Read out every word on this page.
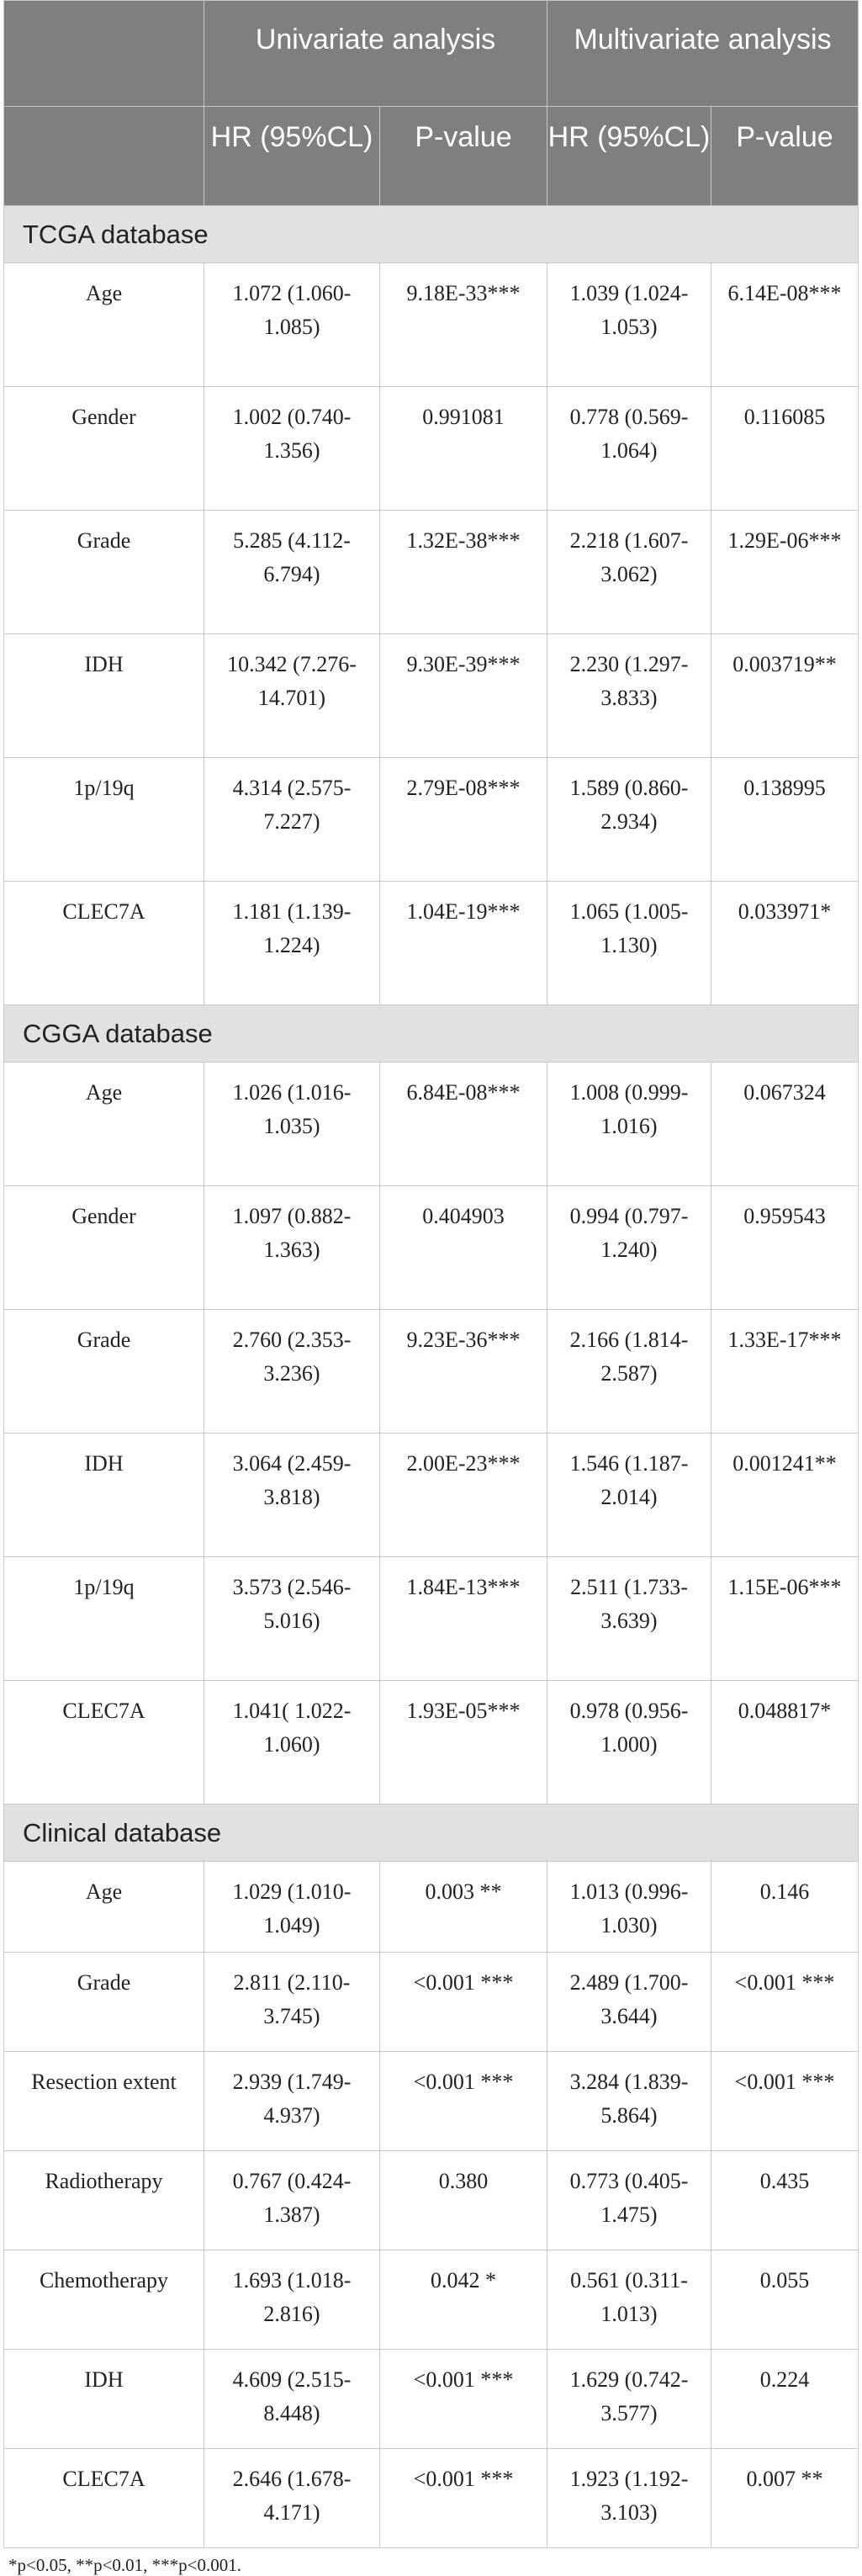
	Univariate analysis		Multivariate analysis	
	HR (95%CL)	P-value	HR (95%CL)	P-value
TCGA database				
Age	1.072 (1.060-1.085)	9.18E-33***	1.039 (1.024-1.053)	6.14E-08***
Gender	1.002 (0.740-1.356)	0.991081	0.778 (0.569-1.064)	0.116085
Grade	5.285 (4.112-6.794)	1.32E-38***	2.218 (1.607-3.062)	1.29E-06***
IDH	10.342 (7.276-14.701)	9.30E-39***	2.230 (1.297-3.833)	0.003719**
1p/19q	4.314 (2.575-7.227)	2.79E-08***	1.589 (0.860-2.934)	0.138995
CLEC7A	1.181 (1.139-1.224)	1.04E-19***	1.065 (1.005-1.130)	0.033971*
CGGA database				
Age	1.026 (1.016-1.035)	6.84E-08***	1.008 (0.999-1.016)	0.067324
Gender	1.097 (0.882-1.363)	0.404903	0.994 (0.797-1.240)	0.959543
Grade	2.760 (2.353-3.236)	9.23E-36***	2.166 (1.814-2.587)	1.33E-17***
IDH	3.064 (2.459-3.818)	2.00E-23***	1.546 (1.187-2.014)	0.001241**
1p/19q	3.573 (2.546-5.016)	1.84E-13***	2.511 (1.733-3.639)	1.15E-06***
CLEC7A	1.041( 1.022-1.060)	1.93E-05***	0.978 (0.956-1.000)	0.048817*
Clinical database				
Age	1.029 (1.010-1.049)	0.003 **	1.013 (0.996-1.030)	0.146
Grade	2.811 (2.110-3.745)	<0.001 ***	2.489 (1.700-3.644)	<0.001 ***
Resection extent	2.939 (1.749-4.937)	<0.001 ***	3.284 (1.839-5.864)	<0.001 ***
Radiotherapy	0.767 (0.424-1.387)	0.380	0.773 (0.405-1.475)	0.435
Chemotherapy	1.693 (1.018-2.816)	0.042 *	0.561 (0.311-1.013)	0.055
IDH	4.609 (2.515-8.448)	<0.001 ***	1.629 (0.742-3.577)	0.224
CLEC7A	2.646 (1.678-4.171)	<0.001 ***	1.923 (1.192-3.103)	0.007 **
*p<0.05, **p<0.01, ***p<0.001.
